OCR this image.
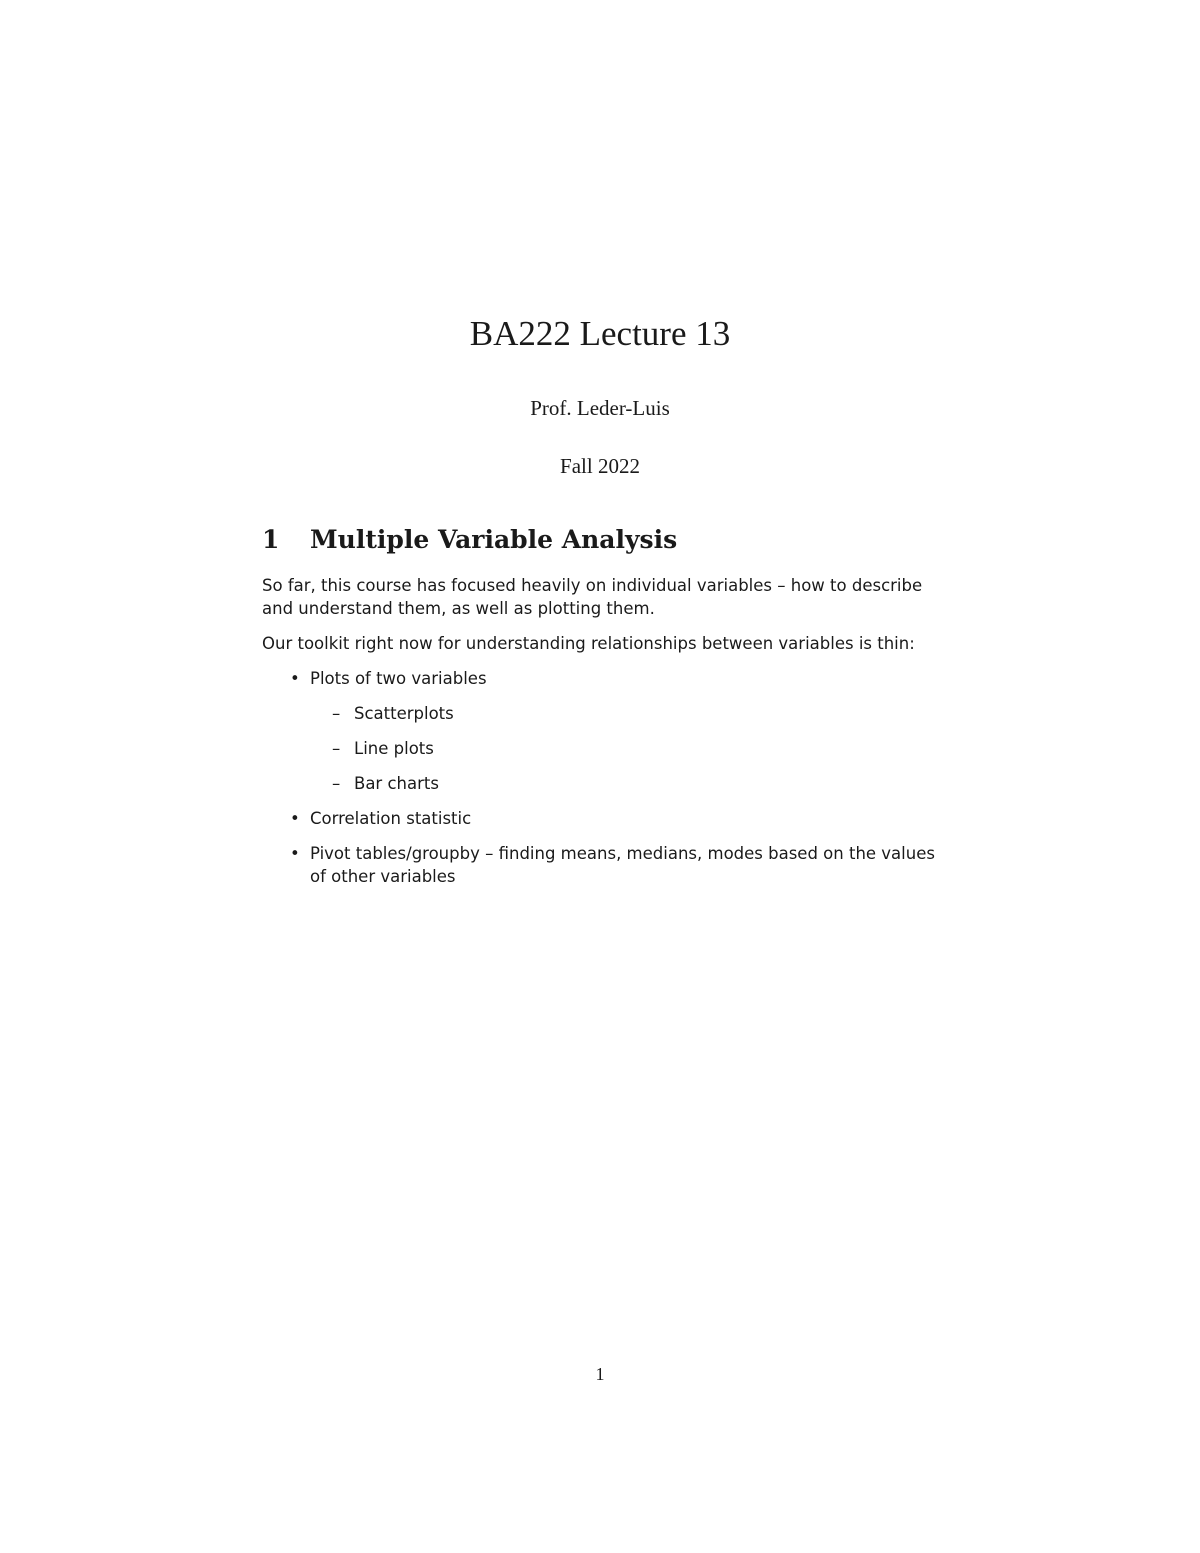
BA222 Lecture 13
Prof. Leder-Luis
Fall 2022
1 Multiple Variable Analysis
So far, this course has focused heavily on individual variables – how to describe and understand them, as well as plotting them.
Our toolkit right now for understanding relationships between variables is thin:
• Plots of two variables
– Scatterplots
– Line plots
– Bar charts
• Correlation statistic
• Pivot tables/groupby – finding means, medians, modes based on the values of other variables
1
